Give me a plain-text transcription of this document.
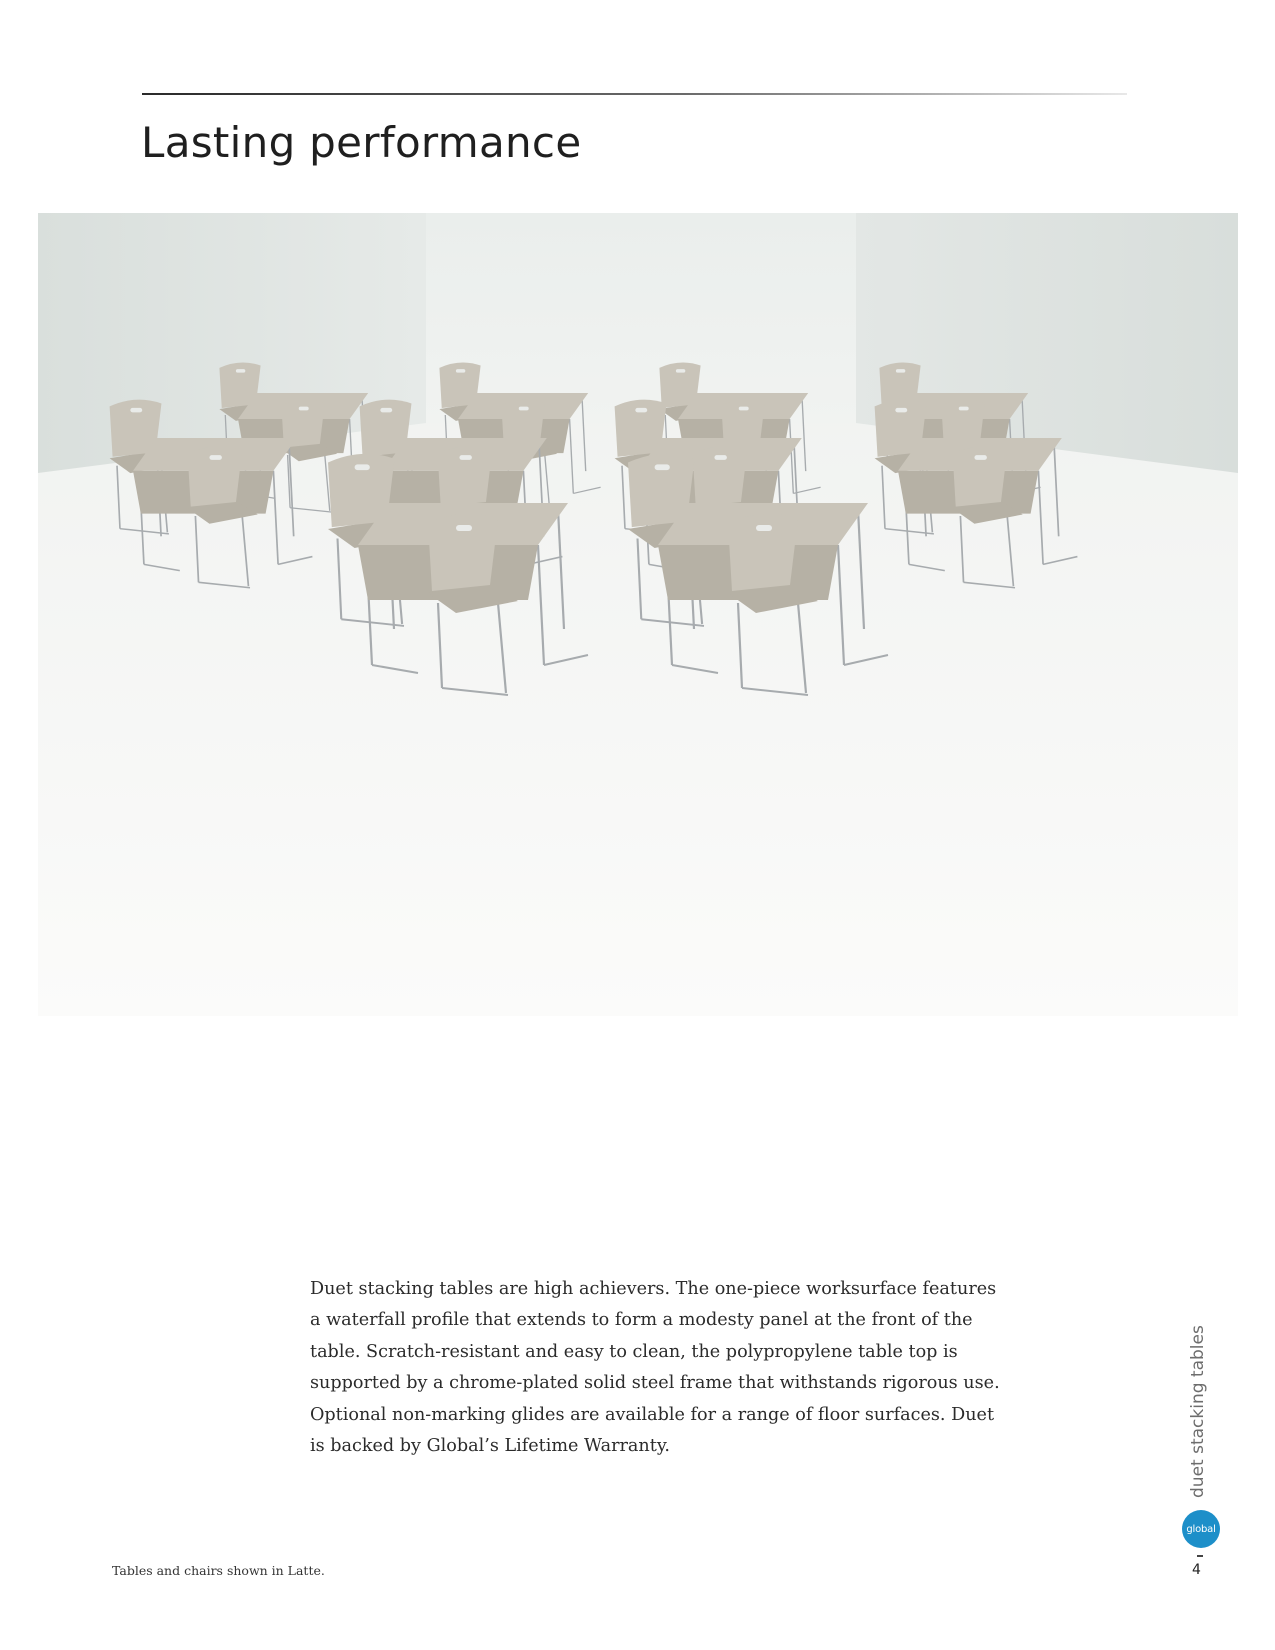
Lasting performance

Duet stacking tables are high achievers. The one-piece worksurface features a waterfall profile that extends to form a modesty panel at the front of the table. Scratch-resistant and easy to clean, the polypropylene table top is supported by a chrome-plated solid steel frame that withstands rigorous use. Optional non-marking glides are available for a range of floor surfaces. Duet is backed by Global’s Lifetime Warranty.

Tables and chairs shown in Latte.
duet stacking tables
global
4
